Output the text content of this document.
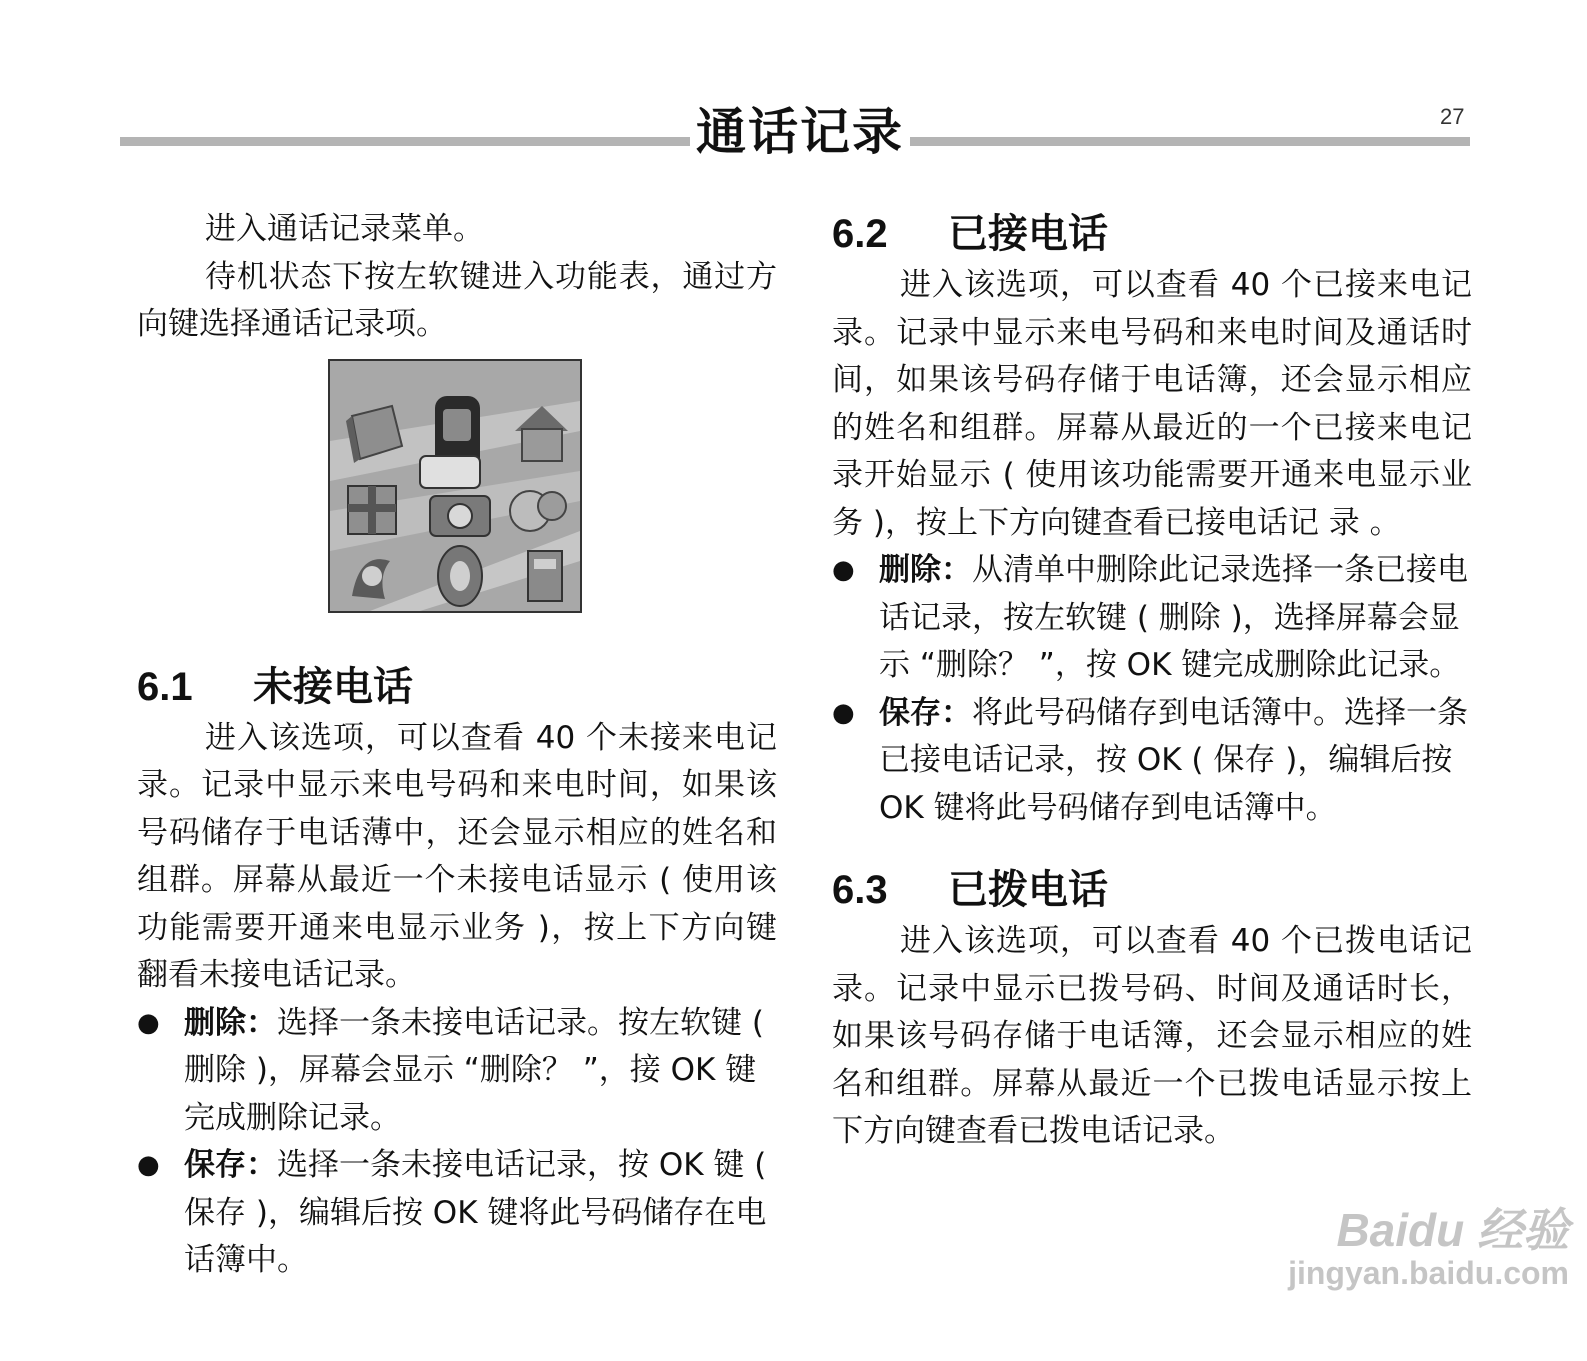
通话记录	27

进入通话记录菜单。

待机状态下按左软键进入功能表，通过方向键选择通话记录项。

6.1 未接电话

进入该选项，可以查看 40 个未接来电记录。记录中显示来电号码和来电时间，如果该号码储存于电话薄中，还会显示相应的姓名和组群。屏幕从最近一个未接电话显示 ( 使用该功能需要开通来电显示业务 )，按上下方向键翻看未接电话记录。

● 删除：选择一条未接电话记录。按左软键 ( 删除 )，屏幕会显示 “删除？ ”，接 OK 键完成删除记录。
● 保存：选择一条未接电话记录，按 OK 键 ( 保存 )，编辑后按 OK 键将此号码储存在电话簿中。
6.2 已接电话

进入该选项，可以查看 40 个已接来电记录。记录中显示来电号码和来电时间及通话时间，如果该号码存储于电话簿，还会显示相应的姓名和组群。屏幕从最近的一个已接来电记录开始显示 ( 使用该功能需要开通来电显示业务 )，按上下方向键查看已接电话记 录 。

● 删除：从清单中删除此记录选择一条已接电话记录，按左软键 ( 删除 )，选择屏幕会显示 “删除？ ”，按 OK 键完成删除此记录。
● 保存：将此号码储存到电话簿中。选择一条已接电话记录，按 OK ( 保存 )，编辑后按 OK 键将此号码储存到电话簿中。
6.3 已拨电话

进入该选项，可以查看 40 个已拨电话记录。记录中显示已拨号码、时间及通话时长，如果该号码存储于电话簿，还会显示相应的姓名和组群。屏幕从最近一个已拨电话显示按上下方向键查看已拨电话记录。

Baidu 经验
jingyan.baidu.com
